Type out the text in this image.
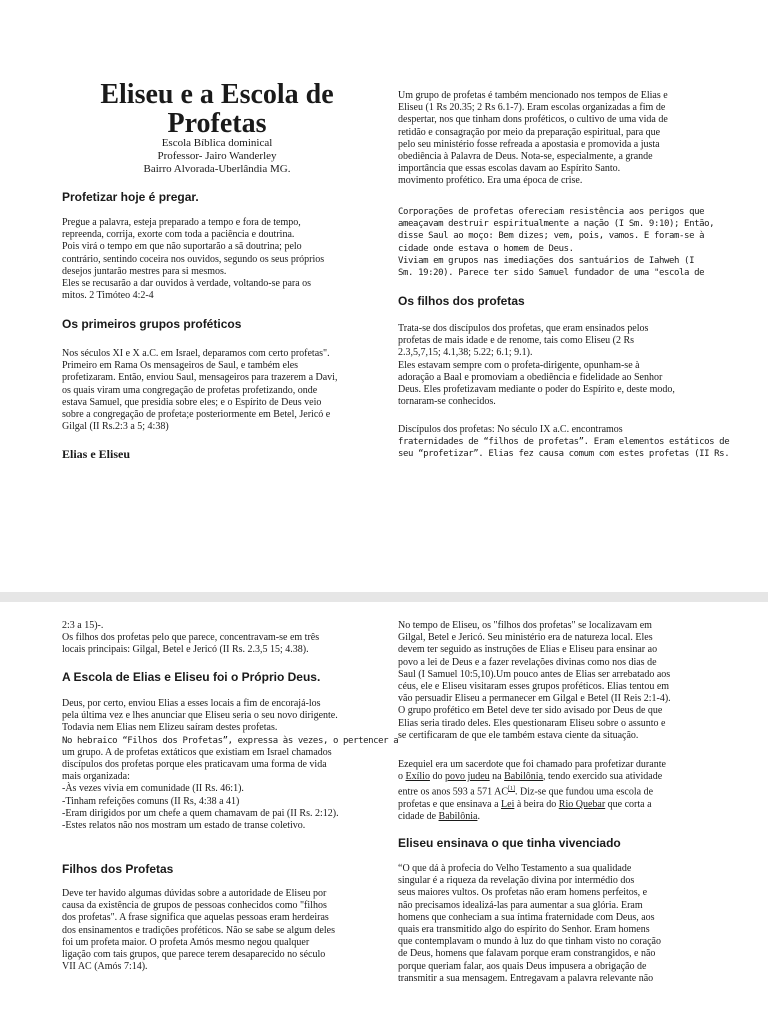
Eliseu e a Escola de Profetas
Escola Bíblica dominical
Professor- Jairo Wanderley
Bairro Alvorada-Uberlândia MG.
Profetizar hoje é pregar.
Pregue a palavra, esteja preparado a tempo e fora de tempo,
repreenda, corrija, exorte com toda a paciência e doutrina.
Pois virá o tempo em que não suportarão a sã doutrina; pelo
contrário, sentindo coceira nos ouvidos, segundo os seus próprios
desejos juntarão mestres para si mesmos.
Eles se recusarão a dar ouvidos à verdade, voltando-se para os
mitos. 2 Timóteo 4:2-4
Os primeiros grupos proféticos
Nos séculos XI e X a.C. em Israel, deparamos com certo profetas".
Primeiro em Rama Os mensageiros de Saul, e também eles
profetizaram. Então, enviou Saul, mensageiros para trazerem a Davi,
os quais viram uma congregação de profetas profetizando, onde
estava Samuel, que presidia sobre eles; e o Espírito de Deus veio
sobre a congregação de profeta;e posteriormente em Betel, Jericó e
Gilgal (II Rs.2:3 a 5; 4:38)
Elias e Eliseu
Um grupo de profetas é também mencionado nos tempos de Elias e
Eliseu (1 Rs 20.35; 2 Rs 6.1-7). Eram escolas organizadas a fim de
despertar, nos que tinham dons proféticos, o cultivo de uma vida de
retidão e consagração por meio da preparação espiritual, para que
pelo seu ministério fosse refreada a apostasia e promovida a justa
obediência à Palavra de Deus. Nota-se, especialmente, a grande
importância que essas escolas davam ao Espírito Santo.
movimento profético. Era uma época de crise.
Corporações de profetas ofereciam resistência aos perigos que
ameaçavam destruir espiritualmente a nação (I Sm. 9:10); Então,
disse Saul ao moço: Bem dizes; vem, pois, vamos. E foram-se à
cidade onde estava o homem de Deus.
Viviam em grupos nas imediações dos santuários de Iahweh (I
Sm. 19:20). Parece ter sido Samuel fundador de uma "escola de
Os filhos dos profetas
Trata-se dos discípulos dos profetas, que eram ensinados pelos
profetas de mais idade e de renome, tais como Eliseu (2 Rs
2.3,5,7,15; 4.1,38; 5.22; 6.1; 9.1).
Eles estavam sempre com o profeta-dirigente, opunham-se à
adoração a Baal e promoviam a obediência e fidelidade ao Senhor
Deus. Eles profetizavam mediante o poder do Espírito e, deste modo,
tornaram-se conhecidos.
Discípulos dos profetas: No século IX a.C. encontramos
fraternidades de “filhos de profetas”. Eram elementos estáticos de
seu “profetizar”. Elias fez causa comum com estes profetas (II Rs.
2:3 a 15)-.
Os filhos dos profetas pelo que parece, concentravam-se em três
locais principais: Gilgal, Betel e Jericó (II Rs. 2.3,5 15; 4.38).
A Escola de Elias e Eliseu foi o Próprio Deus.
Deus, por certo, enviou Elias a esses locais a fim de encorajá-los
pela última vez e lhes anunciar que Eliseu seria o seu novo dirigente.
Todavia nem Elias nem Elizeu saíram destes profetas.
No hebraico “Filhos dos Profetas”, expressa às vezes, o pertencer a
um grupo. A de profetas extáticos que existiam em Israel chamados
discípulos dos profetas porque eles praticavam uma forma de vida
mais organizada:
-Às vezes vivia em comunidade (II Rs. 46:1).
-Tinham refeições comuns (II Rs, 4:38 a 41)
-Eram dirigidos por um chefe a quem chamavam de pai (II Rs. 2:12).
-Estes relatos não nos mostram um estado de transe coletivo.
Filhos dos Profetas
Deve ter havido algumas dúvidas sobre a autoridade de Eliseu por
causa da existência de grupos de pessoas conhecidos como "filhos
dos profetas". A frase significa que aquelas pessoas eram herdeiras
dos ensinamentos e tradições proféticos. Não se sabe se algum deles
foi um profeta maior. O profeta Amós mesmo negou qualquer
ligação com tais grupos, que parece terem desaparecido no século
VII AC (Amós 7:14).
No tempo de Eliseu, os "filhos dos profetas" se localizavam em
Gilgal, Betel e Jericó. Seu ministério era de natureza local. Eles
devem ter seguido as instruções de Elias e Eliseu para ensinar ao
povo a lei de Deus e a fazer revelações divinas como nos dias de
Saul (I Samuel 10:5,10).Um pouco antes de Elias ser arrebatado aos
céus, ele e Eliseu visitaram esses grupos proféticos. Elias tentou em
vão persuadir Eliseu a permanecer em Gilgal e Betel (II Reis 2:1-4).
O grupo profético em Betel deve ter sido avisado por Deus de que
Elias seria tirado deles. Eles questionaram Eliseu sobre o assunto e
se certificaram de que ele também estava ciente da situação.
Ezequiel era um sacerdote que foi chamado para profetizar durante
o Exílio do povo judeu na Babilônia, tendo exercido sua atividade
entre os anos 593 a 571 AC[1]. Diz-se que fundou uma escola de
profetas e que ensinava a Lei à beira do Rio Quebar que corta a
cidade de Babilônia.
Eliseu ensinava o que tinha vivenciado
“O que dá à profecia do Velho Testamento a sua qualidade
singular é a riqueza da revelação divina por intermédio dos
seus maiores vultos. Os profetas não eram homens perfeitos, e
não precisamos idealizá-las para aumentar a sua glória. Eram
homens que conheciam a sua íntima fraternidade com Deus, aos
quais era transmitido algo do espírito do Senhor. Eram homens
que contemplavam o mundo à luz do que tinham visto no coração
de Deus, homens que falavam porque eram constrangidos, e não
porque queriam falar, aos quais Deus impusera a obrigação de
transmitir a sua mensagem. Entregavam a palavra relevante não
